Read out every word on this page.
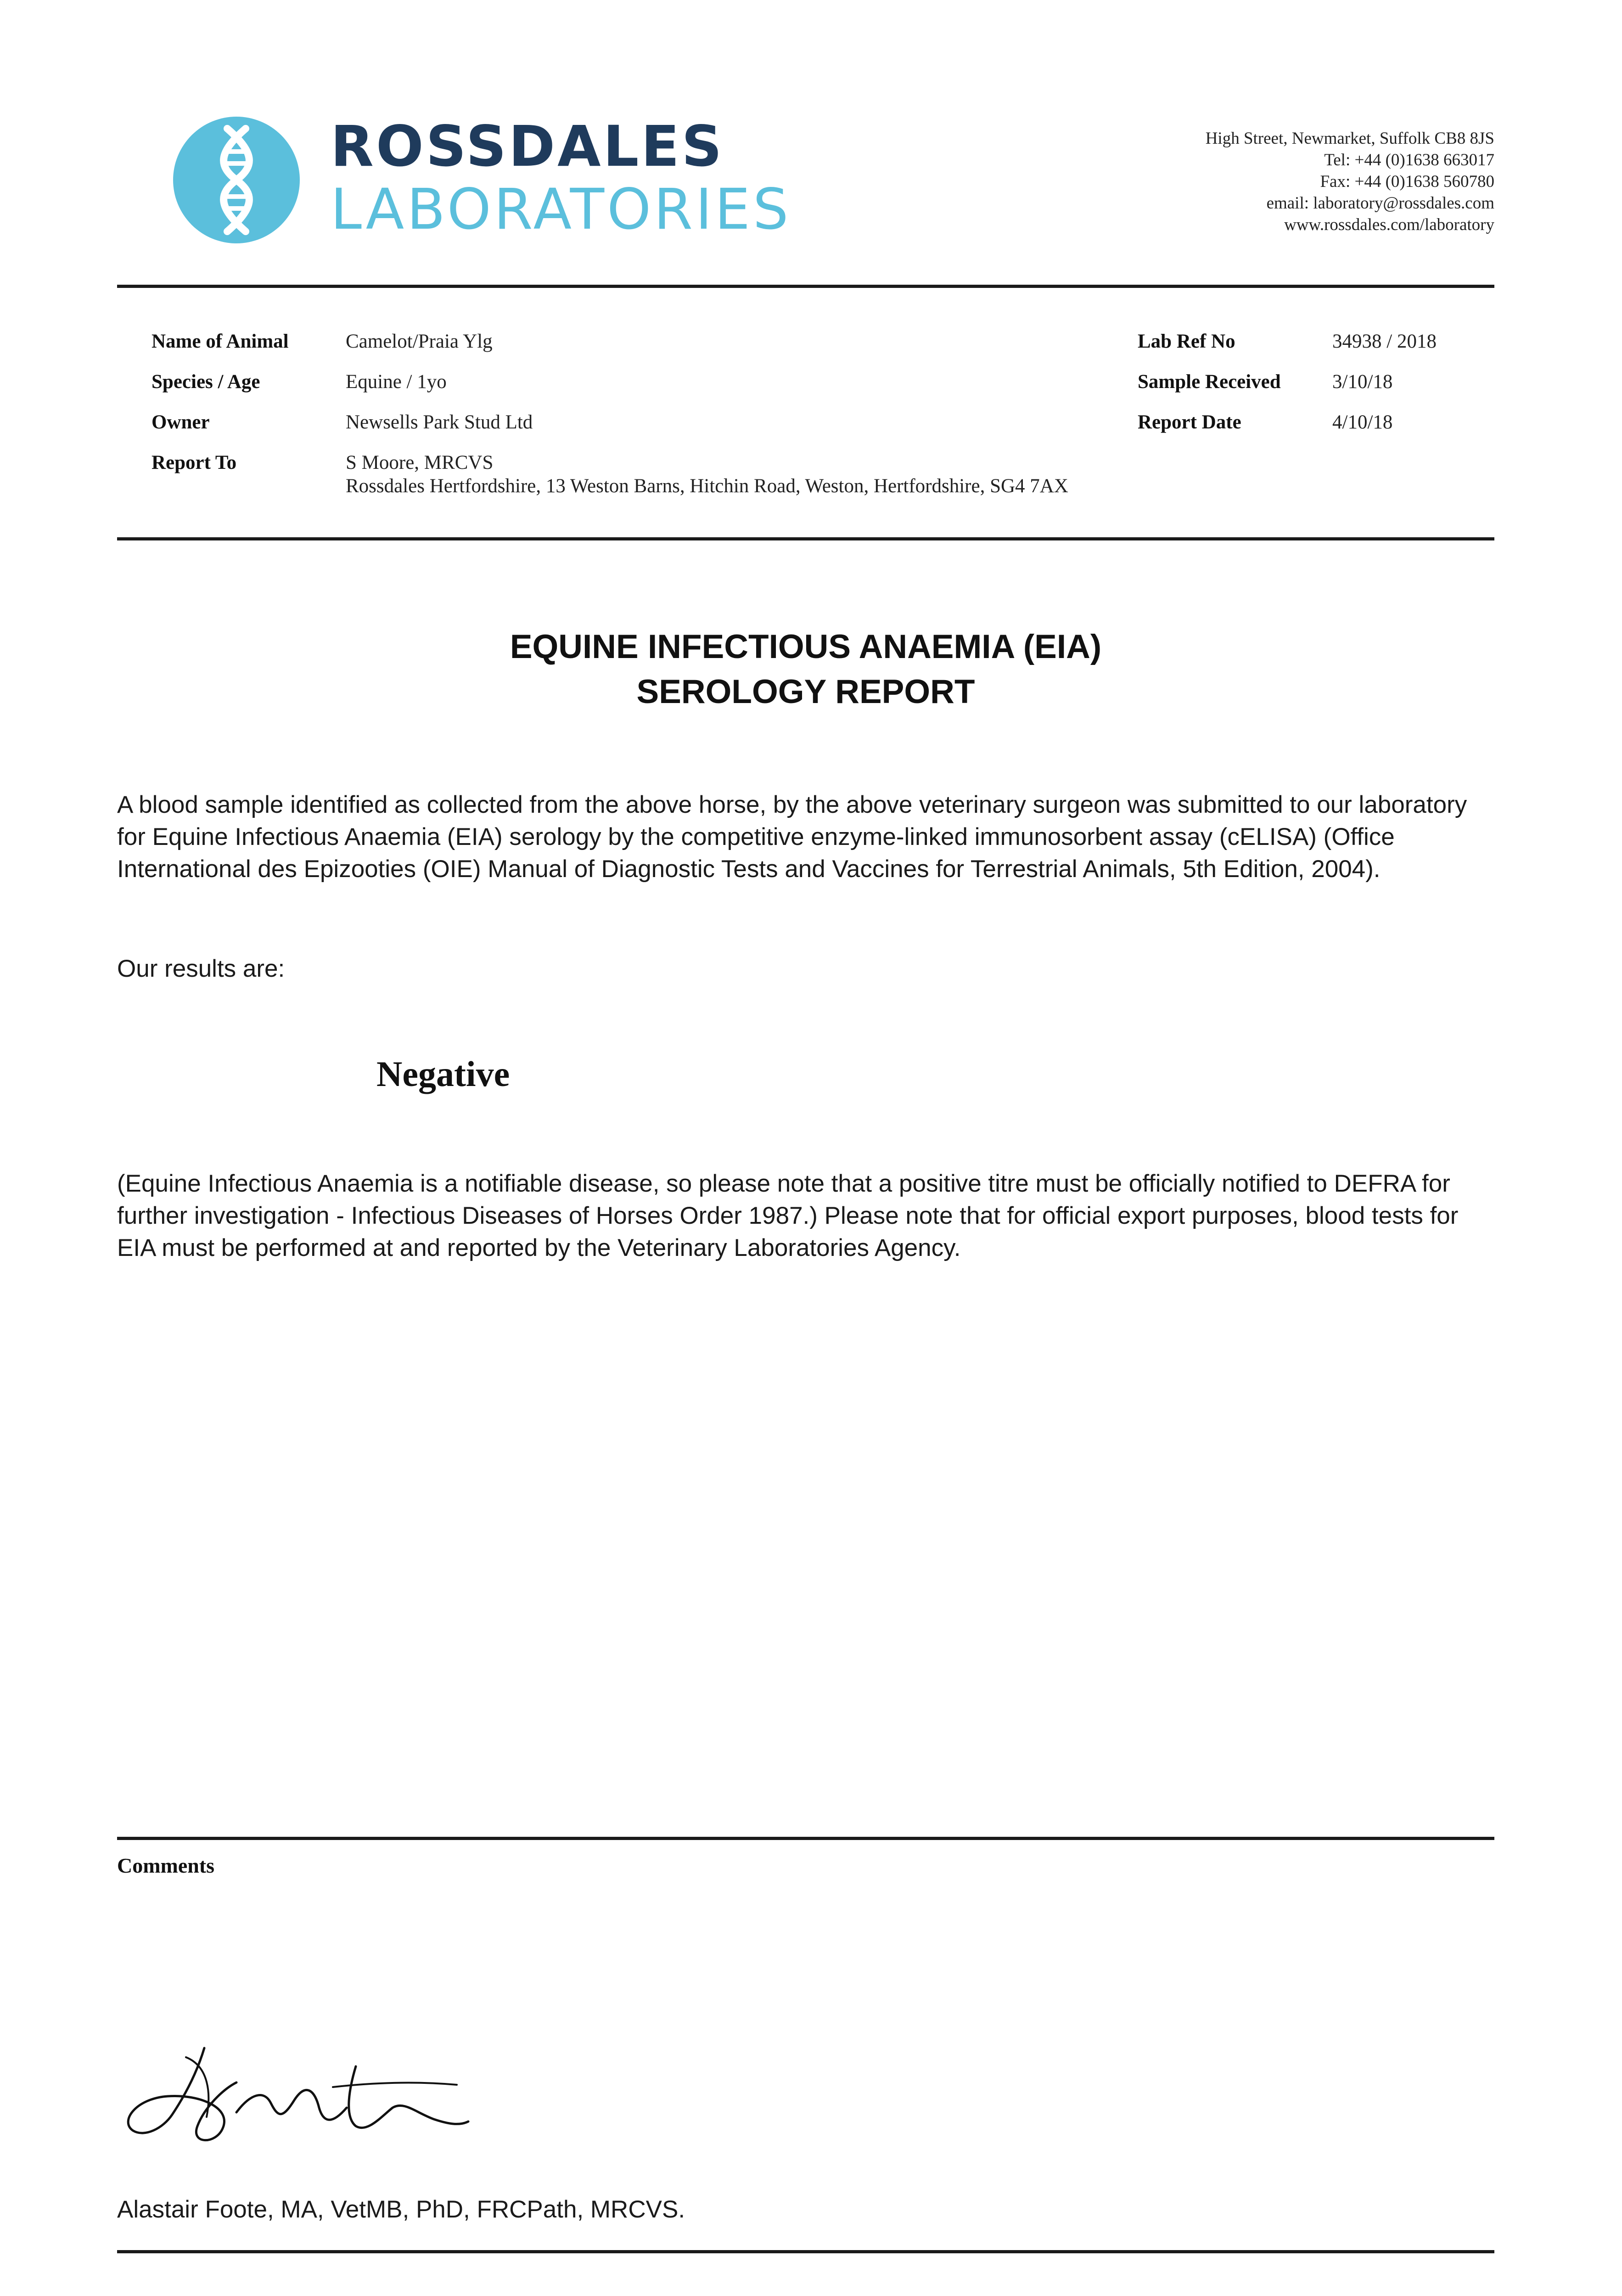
ROSSDALES
LABORATORIES
High Street, Newmarket, Suffolk CB8 8JS
Tel: +44 (0)1638 663017
Fax: +44 (0)1638 560780
email: laboratory@rossdales.com
www.rossdales.com/laboratory
Name of Animal	Camelot/Praia Ylg
Species / Age	Equine / 1yo
Owner	Newsells Park Stud Ltd
Report To	S Moore, MRCVS
Rossdales Hertfordshire, 13 Weston Barns, Hitchin Road, Weston, Hertfordshire, SG4 7AX
Lab Ref No	34938 / 2018
Sample Received	3/10/18
Report Date	4/10/18
EQUINE INFECTIOUS ANAEMIA (EIA)
SEROLOGY REPORT
A blood sample identified as collected from the above horse, by the above veterinary surgeon was submitted to our laboratory for Equine Infectious Anaemia (EIA) serology by the competitive enzyme-linked immunosorbent assay (cELISA) (Office International des Epizooties (OIE) Manual of Diagnostic Tests and Vaccines for Terrestrial Animals, 5th Edition, 2004).
Our results are:
Negative
(Equine Infectious Anaemia is a notifiable disease, so please note that a positive titre must be officially notified to DEFRA for further investigation - Infectious Diseases of Horses Order 1987.) Please note that for official export purposes, blood tests for EIA must be performed at and reported by the Veterinary Laboratories Agency.
Comments
Alastair Foote, MA, VetMB, PhD, FRCPath, MRCVS.
